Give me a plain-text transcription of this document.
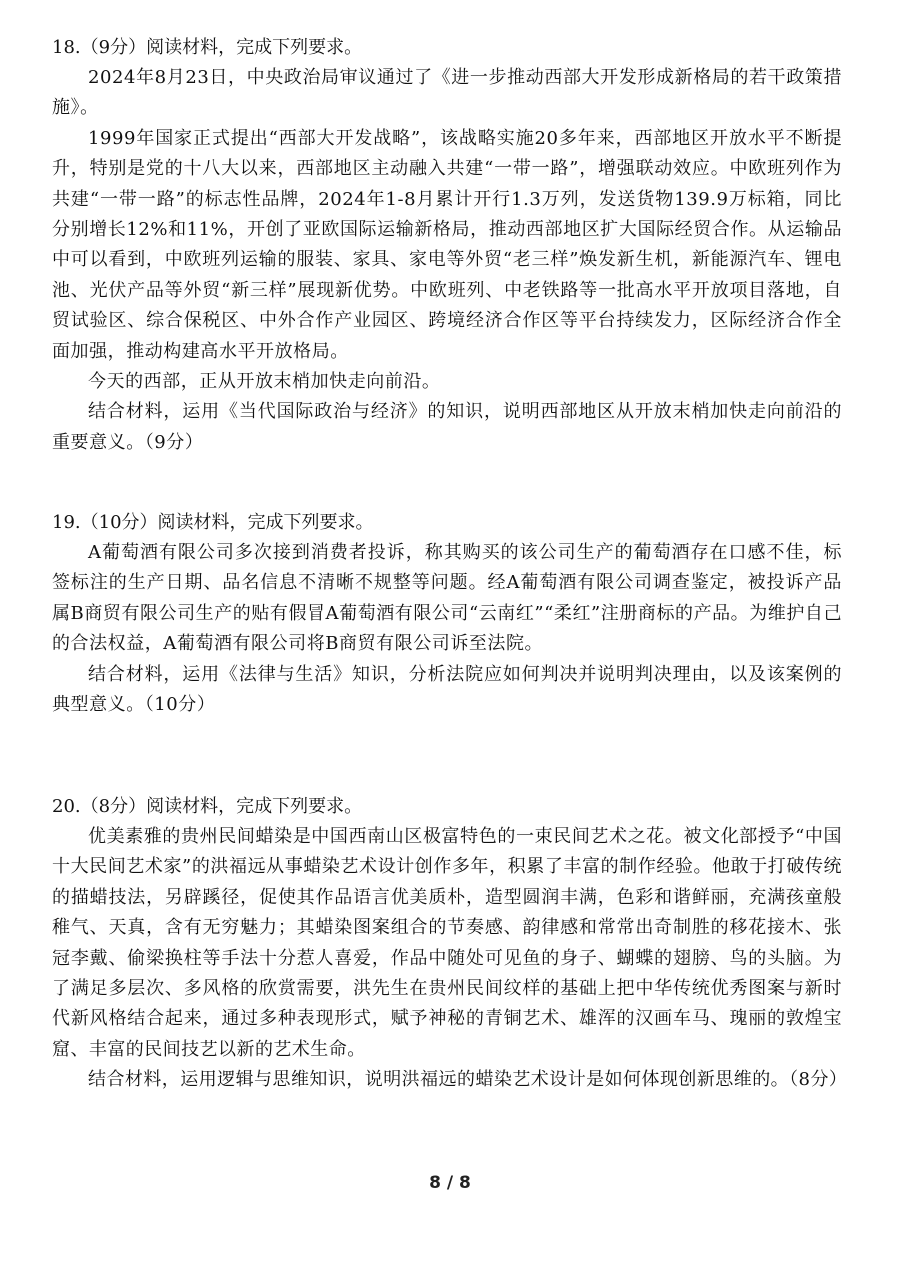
18.（9分）阅读材料，完成下列要求。

2024年8月23日，中央政治局审议通过了《进一步推动西部大开发形成新格局的若干政策措施》。

1999年国家正式提出“西部大开发战略”，该战略实施20多年来，西部地区开放水平不断提升，特别是党的十八大以来，西部地区主动融入共建“一带一路”，增强联动效应。中欧班列作为共建“一带一路”的标志性品牌，2024年1-8月累计开行1.3万列，发送货物139.9万标箱，同比分别增长12%和11%，开创了亚欧国际运输新格局，推动西部地区扩大国际经贸合作。从运输品中可以看到，中欧班列运输的服装、家具、家电等外贸“老三样”焕发新生机，新能源汽车、锂电池、光伏产品等外贸“新三样”展现新优势。中欧班列、中老铁路等一批高水平开放项目落地，自贸试验区、综合保税区、中外合作产业园区、跨境经济合作区等平台持续发力，区际经济合作全面加强，推动构建高水平开放格局。

今天的西部，正从开放末梢加快走向前沿。

结合材料，运用《当代国际政治与经济》的知识，说明西部地区从开放末梢加快走向前沿的重要意义。（9分）

19.（10分）阅读材料，完成下列要求。

A葡萄酒有限公司多次接到消费者投诉，称其购买的该公司生产的葡萄酒存在口感不佳，标签标注的生产日期、品名信息不清晰不规整等问题。经A葡萄酒有限公司调查鉴定，被投诉产品属B商贸有限公司生产的贴有假冒A葡萄酒有限公司“云南红”“柔红”注册商标的产品。为维护自己的合法权益，A葡萄酒有限公司将B商贸有限公司诉至法院。

结合材料，运用《法律与生活》知识，分析法院应如何判决并说明判决理由，以及该案例的典型意义。（10分）

20.（8分）阅读材料，完成下列要求。

优美素雅的贵州民间蜡染是中国西南山区极富特色的一束民间艺术之花。被文化部授予“中国十大民间艺术家”的洪福远从事蜡染艺术设计创作多年，积累了丰富的制作经验。他敢于打破传统的描蜡技法，另辟蹊径，促使其作品语言优美质朴，造型圆润丰满，色彩和谐鲜丽，充满孩童般稚气、天真，含有无穷魅力；其蜡染图案组合的节奏感、韵律感和常常出奇制胜的移花接木、张冠李戴、偷梁换柱等手法十分惹人喜爱，作品中随处可见鱼的身子、蝴蝶的翅膀、鸟的头脑。为了满足多层次、多风格的欣赏需要，洪先生在贵州民间纹样的基础上把中华传统优秀图案与新时代新风格结合起来，通过多种表现形式，赋予神秘的青铜艺术、雄浑的汉画车马、瑰丽的敦煌宝窟、丰富的民间技艺以新的艺术生命。

结合材料，运用逻辑与思维知识，说明洪福远的蜡染艺术设计是如何体现创新思维的。（8分）

8 / 8
